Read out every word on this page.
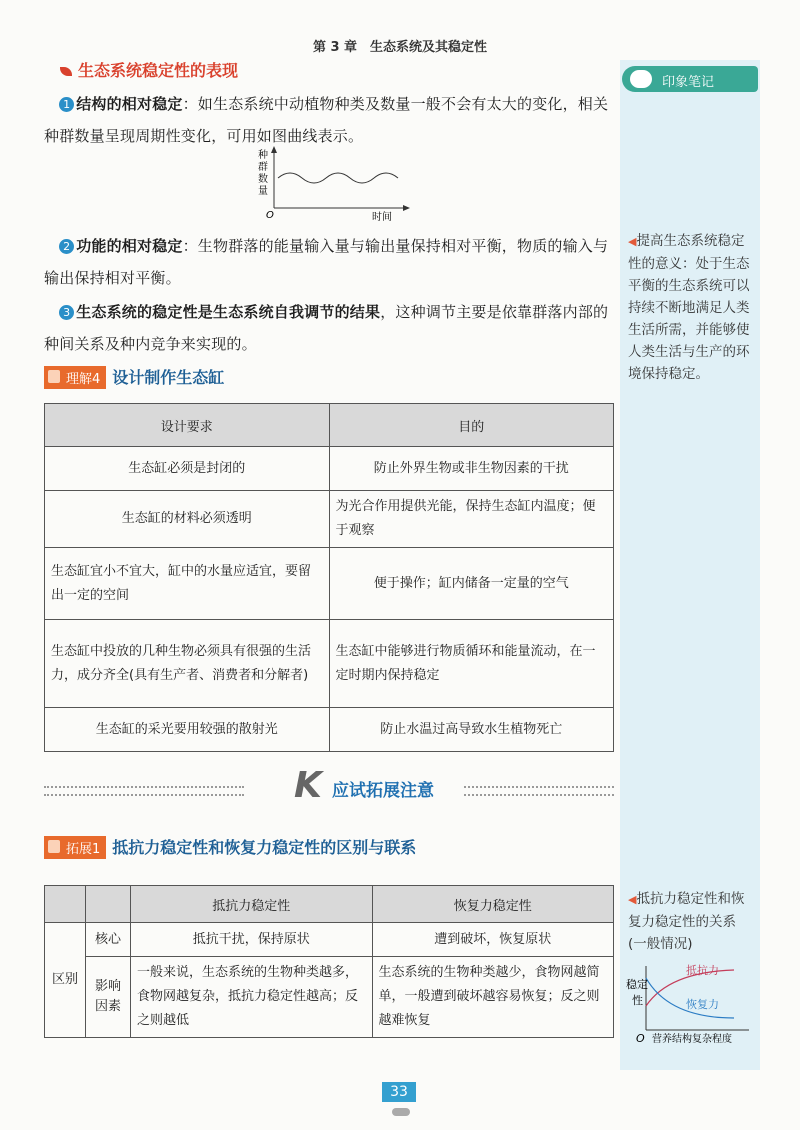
第 3 章　生态系统及其稳定性
印象笔记
◀提高生态系统稳定性的意义：处于生态平衡的生态系统可以持续不断地满足人类生活所需，并能够使人类生活与生产的环境保持稳定。
◀抵抗力稳定性和恢复力稳定性的关系(一般情况)
稳定
性
抵抗力
恢复力
O 营养结构复杂程度
生态系统稳定性的表现
 1 结构的相对稳定：如生态系统中动植物种类及数量一般不会有太大的变化，相关种群数量呈现周期性变化，可用如图曲线表示。
种
群
数
量
O	时间
 2 功能的相对稳定：生物群落的能量输入量与输出量保持相对平衡，物质的输入与输出保持相对平衡。
 3 生态系统的稳定性是生态系统自我调节的结果，这种调节主要是依靠群落内部的种间关系及种内竞争来实现的。
理解4 设计制作生态缸
设计要求	目的
生态缸必须是封闭的	防止外界生物或非生物因素的干扰
生态缸的材料必须透明	为光合作用提供光能，保持生态缸内温度；便于观察
生态缸宜小不宜大，缸中的水量应适宜，要留出一定的空间	便于操作；缸内储备一定量的空气
生态缸中投放的几种生物必须具有很强的生活力，成分齐全(具有生产者、消费者和分解者)	生态缸中能够进行物质循环和能量流动，在一定时期内保持稳定
生态缸的采光要用较强的散射光	防止水温过高导致水生植物死亡
K 应试拓展注意
拓展1 抵抗力稳定性和恢复力稳定性的区别与联系
		抵抗力稳定性	恢复力稳定性
区别	核心	抵抗干扰，保持原状	遭到破坏，恢复原状
	影响因素	一般来说，生态系统的生物种类越多，食物网越复杂，抵抗力稳定性越高；反之则越低	生态系统的生物种类越少，食物网越简单，一般遭到破坏越容易恢复；反之则越难恢复
33
